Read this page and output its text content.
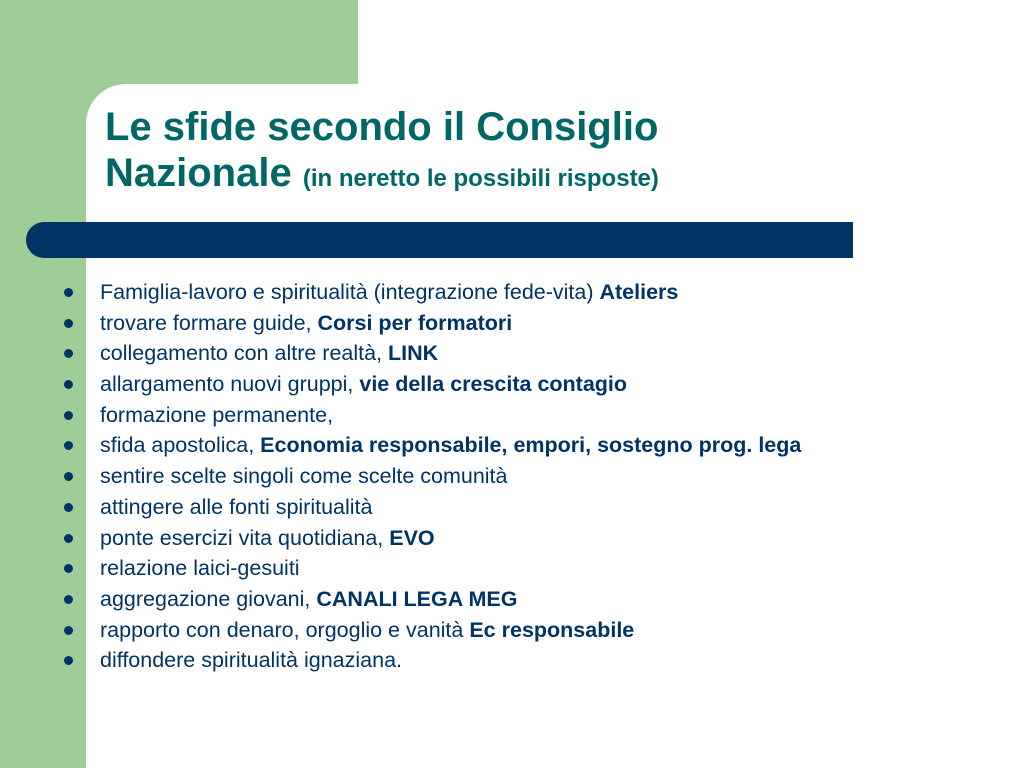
Le sfide secondo il Consiglio
Nazionale (in neretto le possibili risposte)
Famiglia-lavoro e spiritualità (integrazione fede-vita) Ateliers
trovare formare guide, Corsi per formatori
collegamento con altre realtà, LINK
allargamento nuovi gruppi, vie della crescita contagio
formazione permanente,
sfida apostolica, Economia responsabile, empori, sostegno prog. lega
sentire scelte singoli come scelte comunità
attingere alle fonti spiritualità
ponte esercizi vita quotidiana, EVO
relazione laici-gesuiti
aggregazione giovani, CANALI LEGA MEG
rapporto con denaro, orgoglio e vanità Ec responsabile
diffondere spiritualità ignaziana.
